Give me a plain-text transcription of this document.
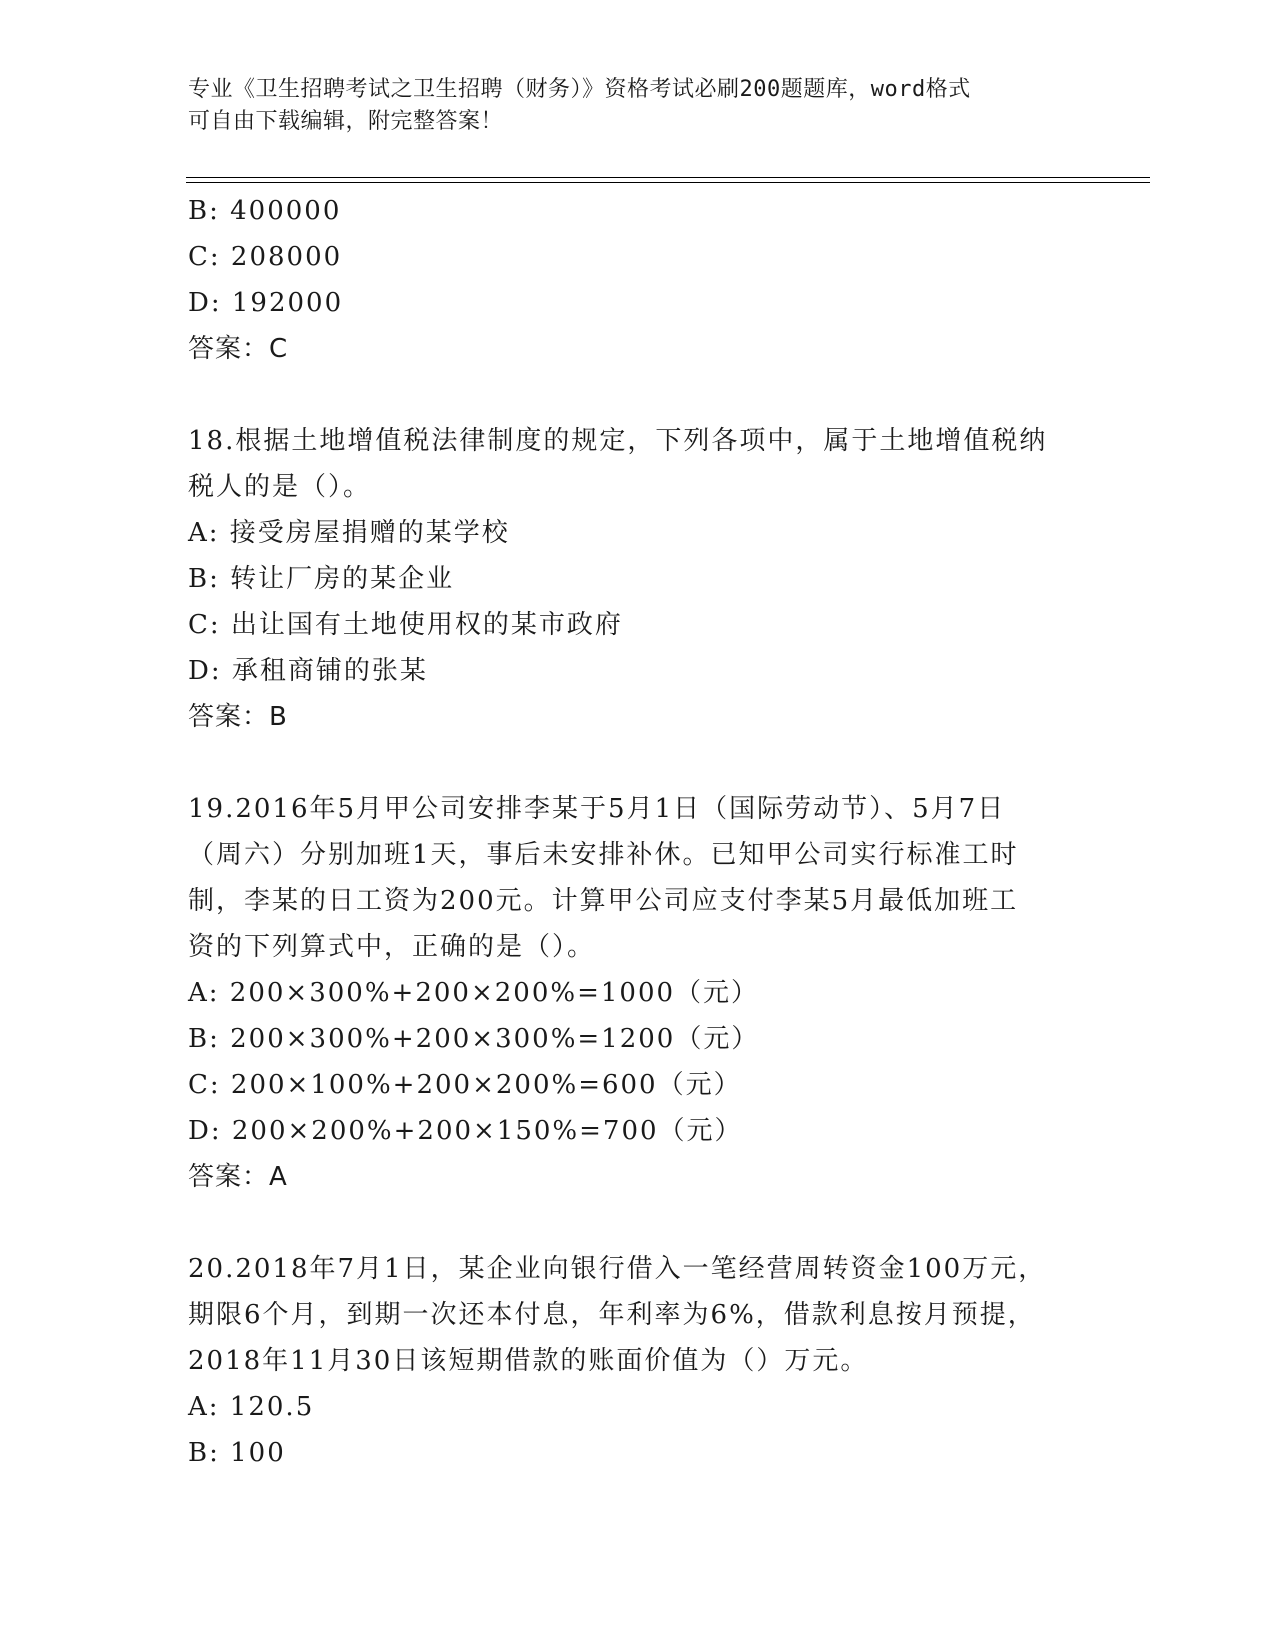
专业《卫生招聘考试之卫生招聘（财务）》资格考试必刷200题题库，word格式
可自由下载编辑，附完整答案！
B: 400000
C: 208000
D: 192000
答案：C
18.根据土地增值税法律制度的规定，下列各项中，属于土地增值税纳
税人的是（）。
A: 接受房屋捐赠的某学校
B: 转让厂房的某企业
C: 出让国有土地使用权的某市政府
D: 承租商铺的张某
答案：B
19.2016年5月甲公司安排李某于5月1日（国际劳动节）、5月7日
（周六）分别加班1天，事后未安排补休。已知甲公司实行标准工时
制，李某的日工资为200元。计算甲公司应支付李某5月最低加班工
资的下列算式中，正确的是（）。
A: 200×300%+200×200%=1000（元）
B: 200×300%+200×300%=1200（元）
C: 200×100%+200×200%=600（元）
D: 200×200%+200×150%=700（元）
答案：A
20.2018年7月1日，某企业向银行借入一笔经营周转资金100万元，
期限6个月，到期一次还本付息，年利率为6%，借款利息按月预提，
2018年11月30日该短期借款的账面价值为（）万元。
A: 120.5
B: 100
